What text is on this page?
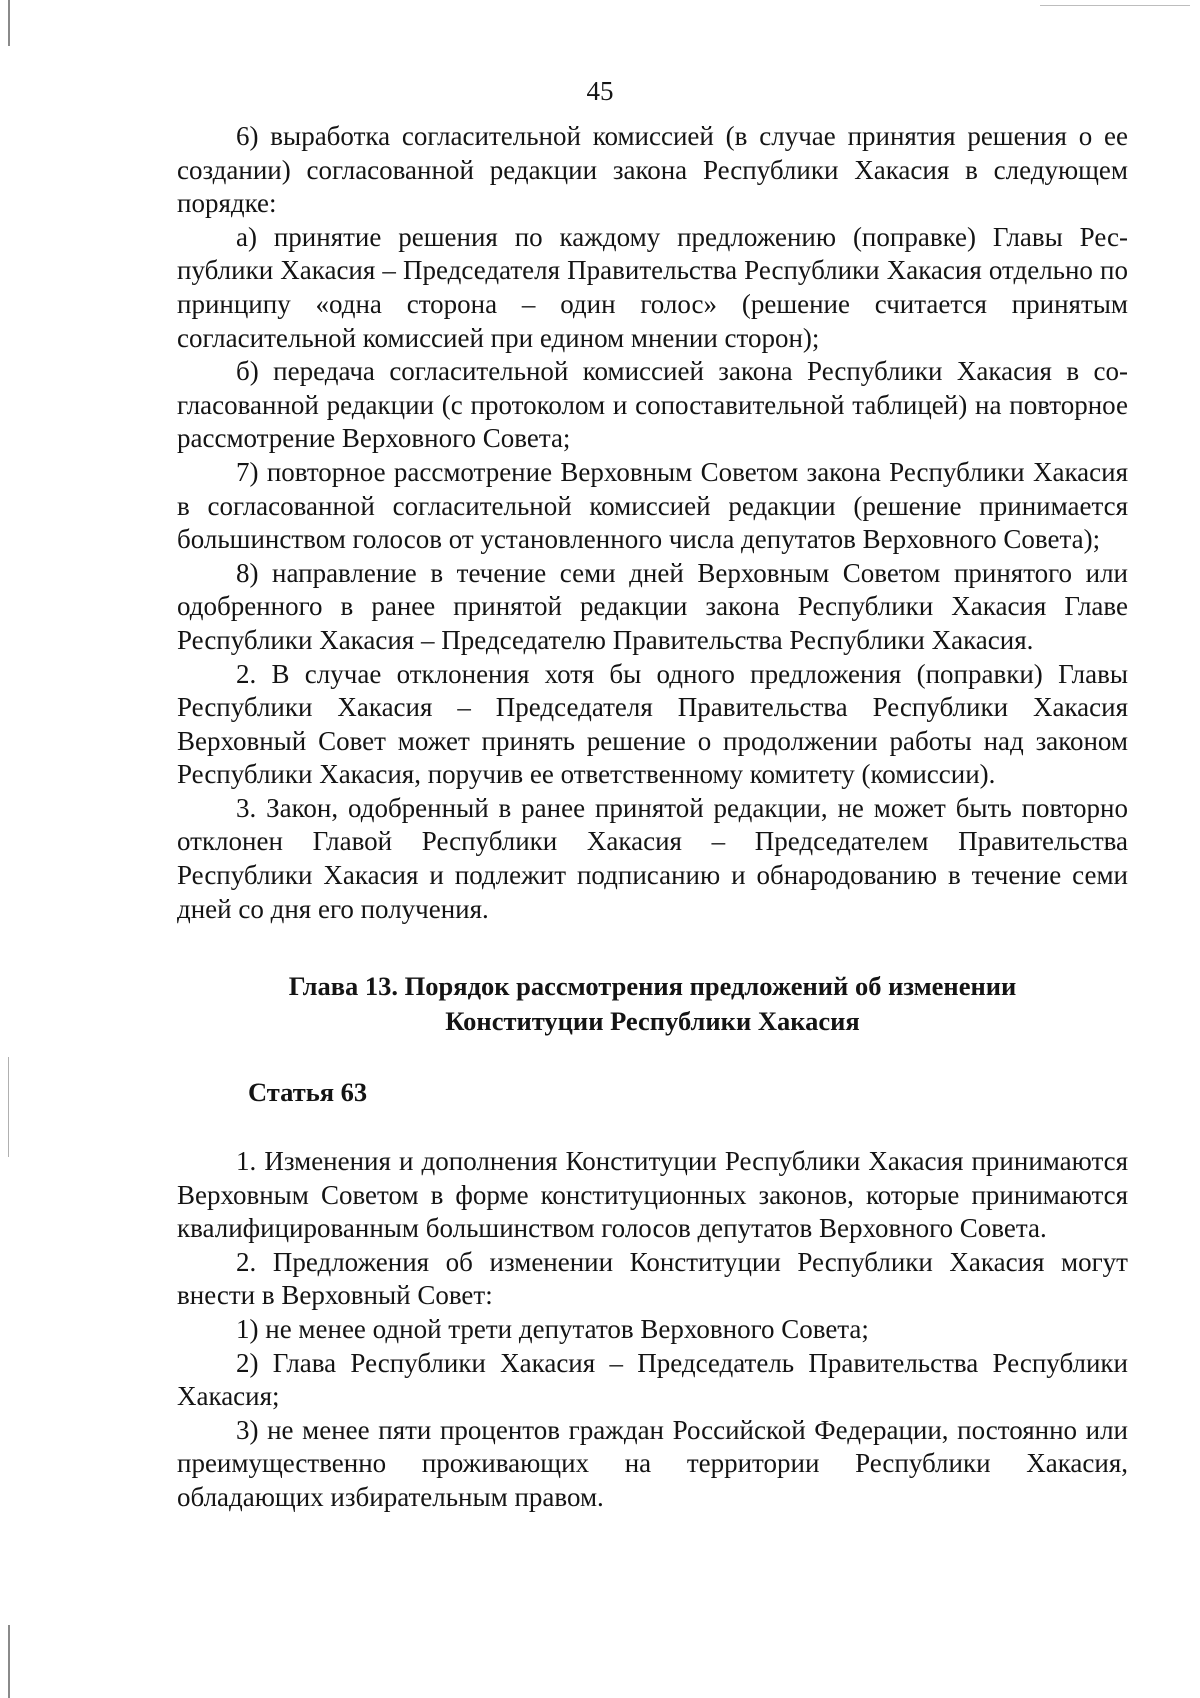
45

6) выработка согласительной комиссией (в случае принятия решения о ее создании) согласованной редакции закона Республики Хакасия в следующем порядке:

а) принятие решения по каждому предложению (поправке) Главы Республики Хакасия – Председателя Правительства Республики Хакасия отдельно по принципу «одна сторона – один голос» (решение считается принятым согласительной комиссией при едином мнении сторон);

б) передача согласительной комиссией закона Республики Хакасия в согласованной редакции (с протоколом и сопоставительной таблицей) на повторное рассмотрение Верховного Совета;

7) повторное рассмотрение Верховным Советом закона Республики Хакасия в согласованной согласительной комиссией редакции (решение принимается большинством голосов от установленного числа депутатов Верховного Совета);

8) направление в течение семи дней Верховным Советом принятого или одобренного в ранее принятой редакции закона Республики Хакасия Главе Республики Хакасия – Председателю Правительства Республики Хакасия.

2. В случае отклонения хотя бы одного предложения (поправки) Главы Республики Хакасия – Председателя Правительства Республики Хакасия Верховный Совет может принять решение о продолжении работы над законом Республики Хакасия, поручив ее ответственному комитету (комиссии).

3. Закон, одобренный в ранее принятой редакции, не может быть повторно отклонен Главой Республики Хакасия – Председателем Правительства Республики Хакасия и подлежит подписанию и обнародованию в течение семи дней со дня его получения.

Глава 13. Порядок рассмотрения предложений об изменении
Конституции Республики Хакасия
Статья 63

1. Изменения и дополнения Конституции Республики Хакасия принимаются Верховным Советом в форме конституционных законов, которые принимаются квалифицированным большинством голосов депутатов Верховного Совета.

2. Предложения об изменении Конституции Республики Хакасия могут внести в Верховный Совет:

1) не менее одной трети депутатов Верховного Совета;

2) Глава Республики Хакасия – Председатель Правительства Республики Хакасия;

3) не менее пяти процентов граждан Российской Федерации, постоянно или преимущественно проживающих на территории Республики Хакасия, обладающих избирательным правом.
